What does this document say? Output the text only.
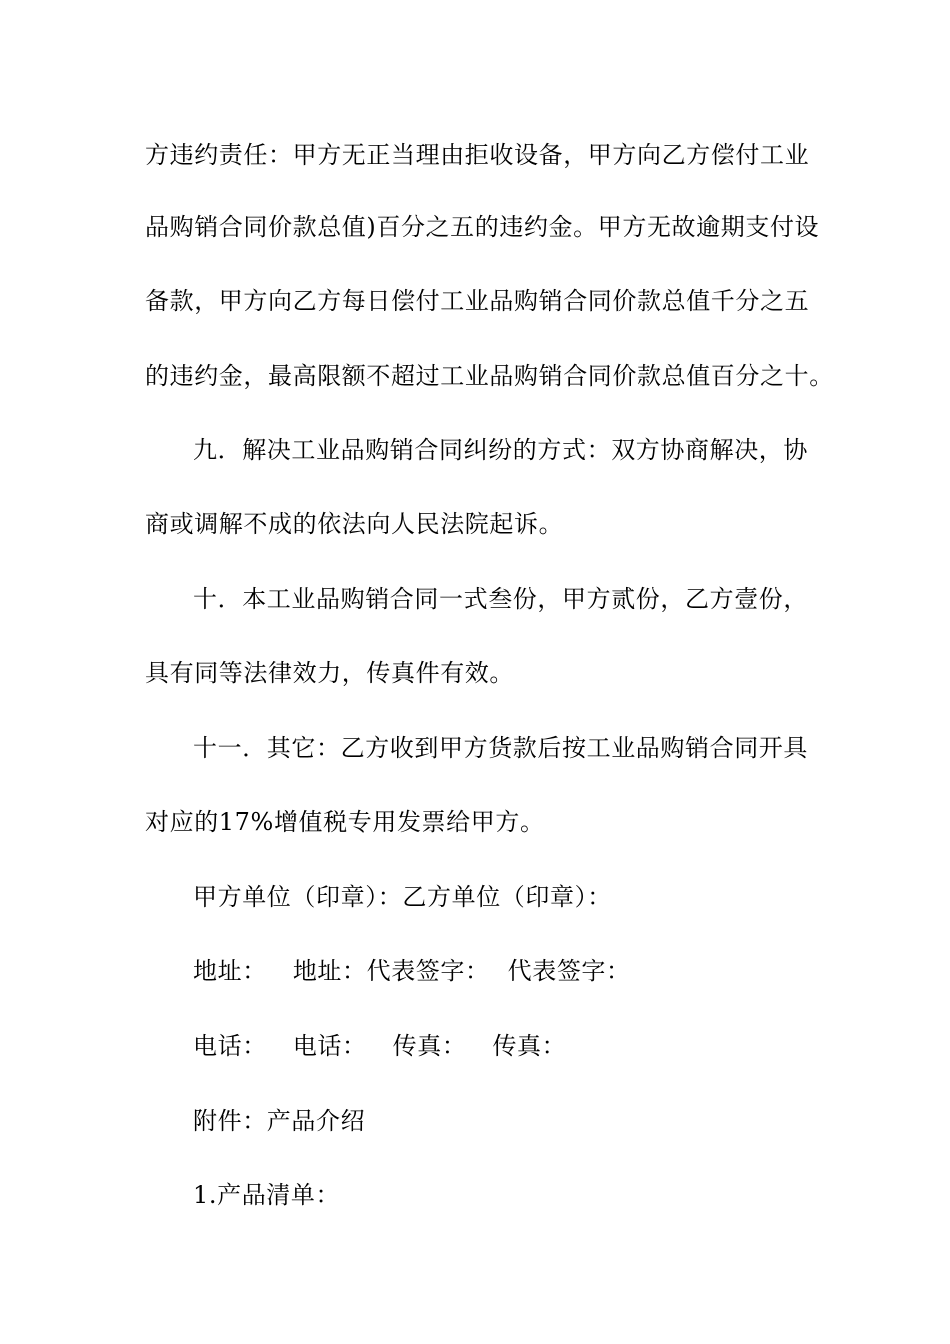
方违约责任：甲方无正当理由拒收设备，甲方向乙方偿付工业
品购销合同价款总值)百分之五的违约金。甲方无故逾期支付设
备款，甲方向乙方每日偿付工业品购销合同价款总值千分之五
的违约金，最高限额不超过工业品购销合同价款总值百分之十。
九．解决工业品购销合同纠纷的方式：双方协商解决，协
商或调解不成的依法向人民法院起诉。
十．本工业品购销合同一式叁份，甲方贰份，乙方壹份，
具有同等法律效力，传真件有效。
十一．其它：乙方收到甲方货款后按工业品购销合同开具
对应的17%增值税专用发票给甲方。
甲方单位（印章）：乙方单位（印章）：
地址： 地址：代表签字： 代表签字：
电话： 电话： 传真： 传真：
附件：产品介绍
1.产品清单：
